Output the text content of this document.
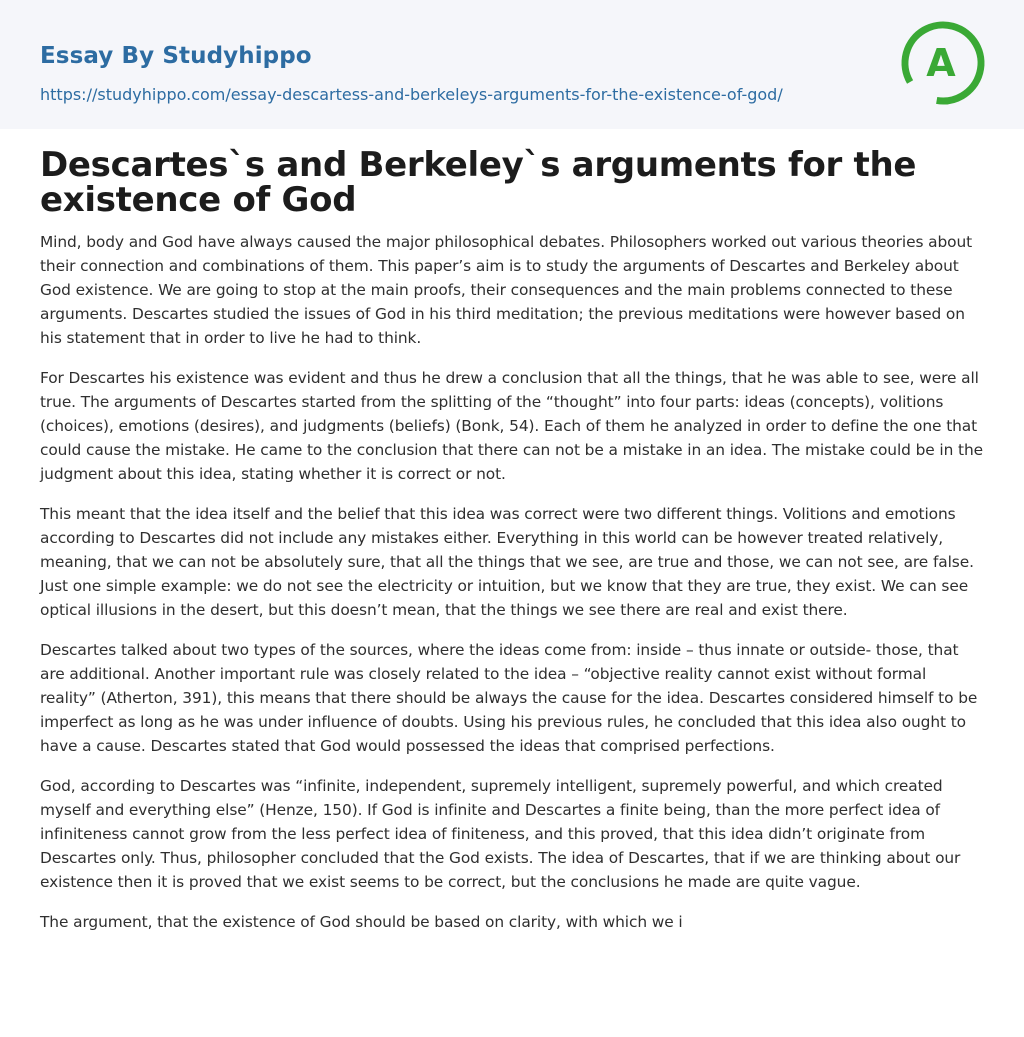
Essay By Studyhippo
https://studyhippo.com/essay-descartess-and-berkeleys-arguments-for-the-existence-of-god/
A
Descartes`s and Berkeley`s arguments for the existence of God

Mind, body and God have always caused the major philosophical debates. Philosophers worked out various theories about their connection and combinations of them. This paper’s aim is to study the arguments of Descartes and Berkeley about God existence. We are going to stop at the main proofs, their consequences and the main problems connected to these arguments. Descartes studied the issues of God in his third meditation; the previous meditations were however based on his statement that in order to live he had to think.

For Descartes his existence was evident and thus he drew a conclusion that all the things, that he was able to see, were all true. The arguments of Descartes started from the splitting of the “thought” into four parts: ideas (concepts), volitions (choices), emotions (desires), and judgments (beliefs) (Bonk, 54). Each of them he analyzed in order to define the one that could cause the mistake. He came to the conclusion that there can not be a mistake in an idea. The mistake could be in the judgment about this idea, stating whether it is correct or not.

This meant that the idea itself and the belief that this idea was correct were two different things. Volitions and emotions according to Descartes did not include any mistakes either. Everything in this world can be however treated relatively, meaning, that we can not be absolutely sure, that all the things that we see, are true and those, we can not see, are false. Just one simple example: we do not see the electricity or intuition, but we know that they are true, they exist. We can see optical illusions in the desert, but this doesn’t mean, that the things we see there are real and exist there.

Descartes talked about two types of the sources, where the ideas come from: inside – thus innate or outside- those, that are additional. Another important rule was closely related to the idea – “objective reality cannot exist without formal reality” (Atherton, 391), this means that there should be always the cause for the idea. Descartes considered himself to be imperfect as long as he was under influence of doubts. Using his previous rules, he concluded that this idea also ought to have a cause. Descartes stated that God would possessed the ideas that comprised perfections.

God, according to Descartes was “infinite, independent, supremely intelligent, supremely powerful, and which created myself and everything else” (Henze, 150). If God is infinite and Descartes a finite being, than the more perfect idea of infiniteness cannot grow from the less perfect idea of finiteness, and this proved, that this idea didn’t originate from Descartes only. Thus, philosopher concluded that the God exists. The idea of Descartes, that if we are thinking about our existence then it is proved that we exist seems to be correct, but the conclusions he made are quite vague.

The argument, that the existence of God should be based on clarity, with which we i
